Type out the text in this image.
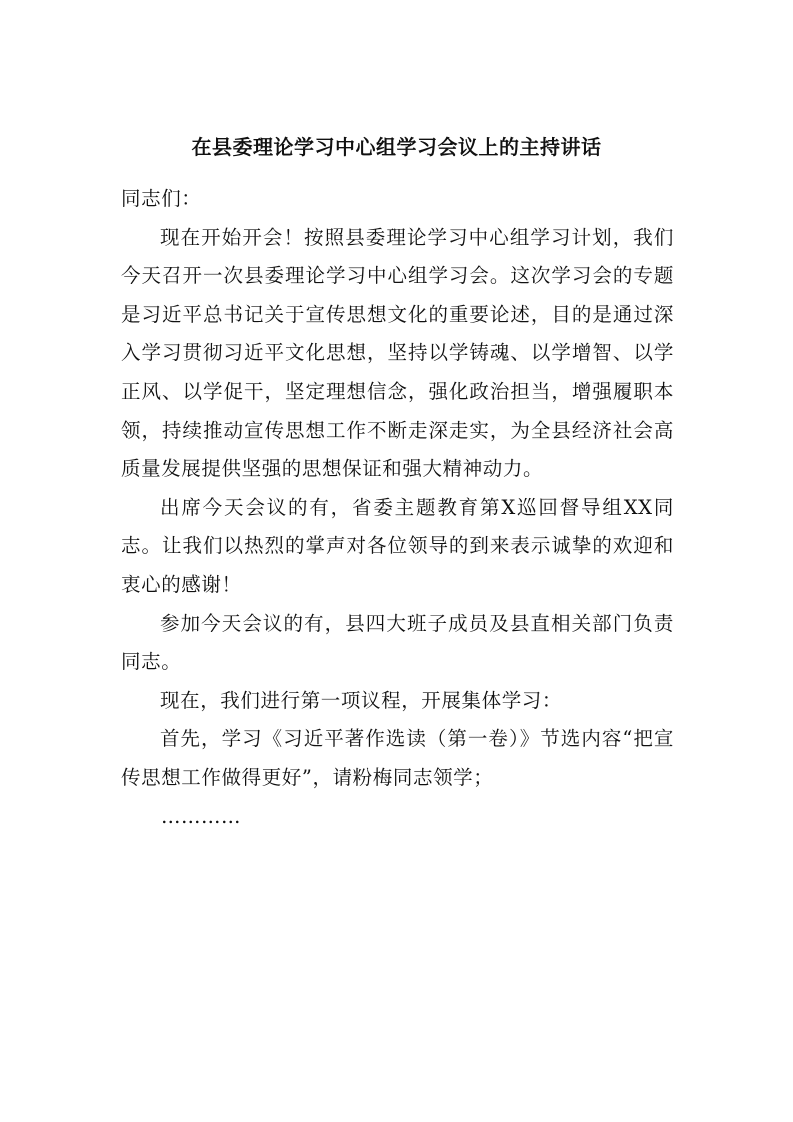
在县委理论学习中心组学习会议上的主持讲话

同志们：

现在开始开会！按照县委理论学习中心组学习计划，我们今天召开一次县委理论学习中心组学习会。这次学习会的专题是习近平总书记关于宣传思想文化的重要论述，目的是通过深入学习贯彻习近平文化思想，坚持以学铸魂、以学增智、以学正风、以学促干，坚定理想信念，强化政治担当，增强履职本领，持续推动宣传思想工作不断走深走实，为全县经济社会高质量发展提供坚强的思想保证和强大精神动力。

出席今天会议的有，省委主题教育第X巡回督导组XX同志。让我们以热烈的掌声对各位领导的到来表示诚挚的欢迎和衷心的感谢！

参加今天会议的有，县四大班子成员及县直相关部门负责同志。

现在，我们进行第一项议程，开展集体学习：

首先，学习《习近平著作选读（第一卷）》节选内容“把宣传思想工作做得更好”，请粉梅同志领学；

…………
